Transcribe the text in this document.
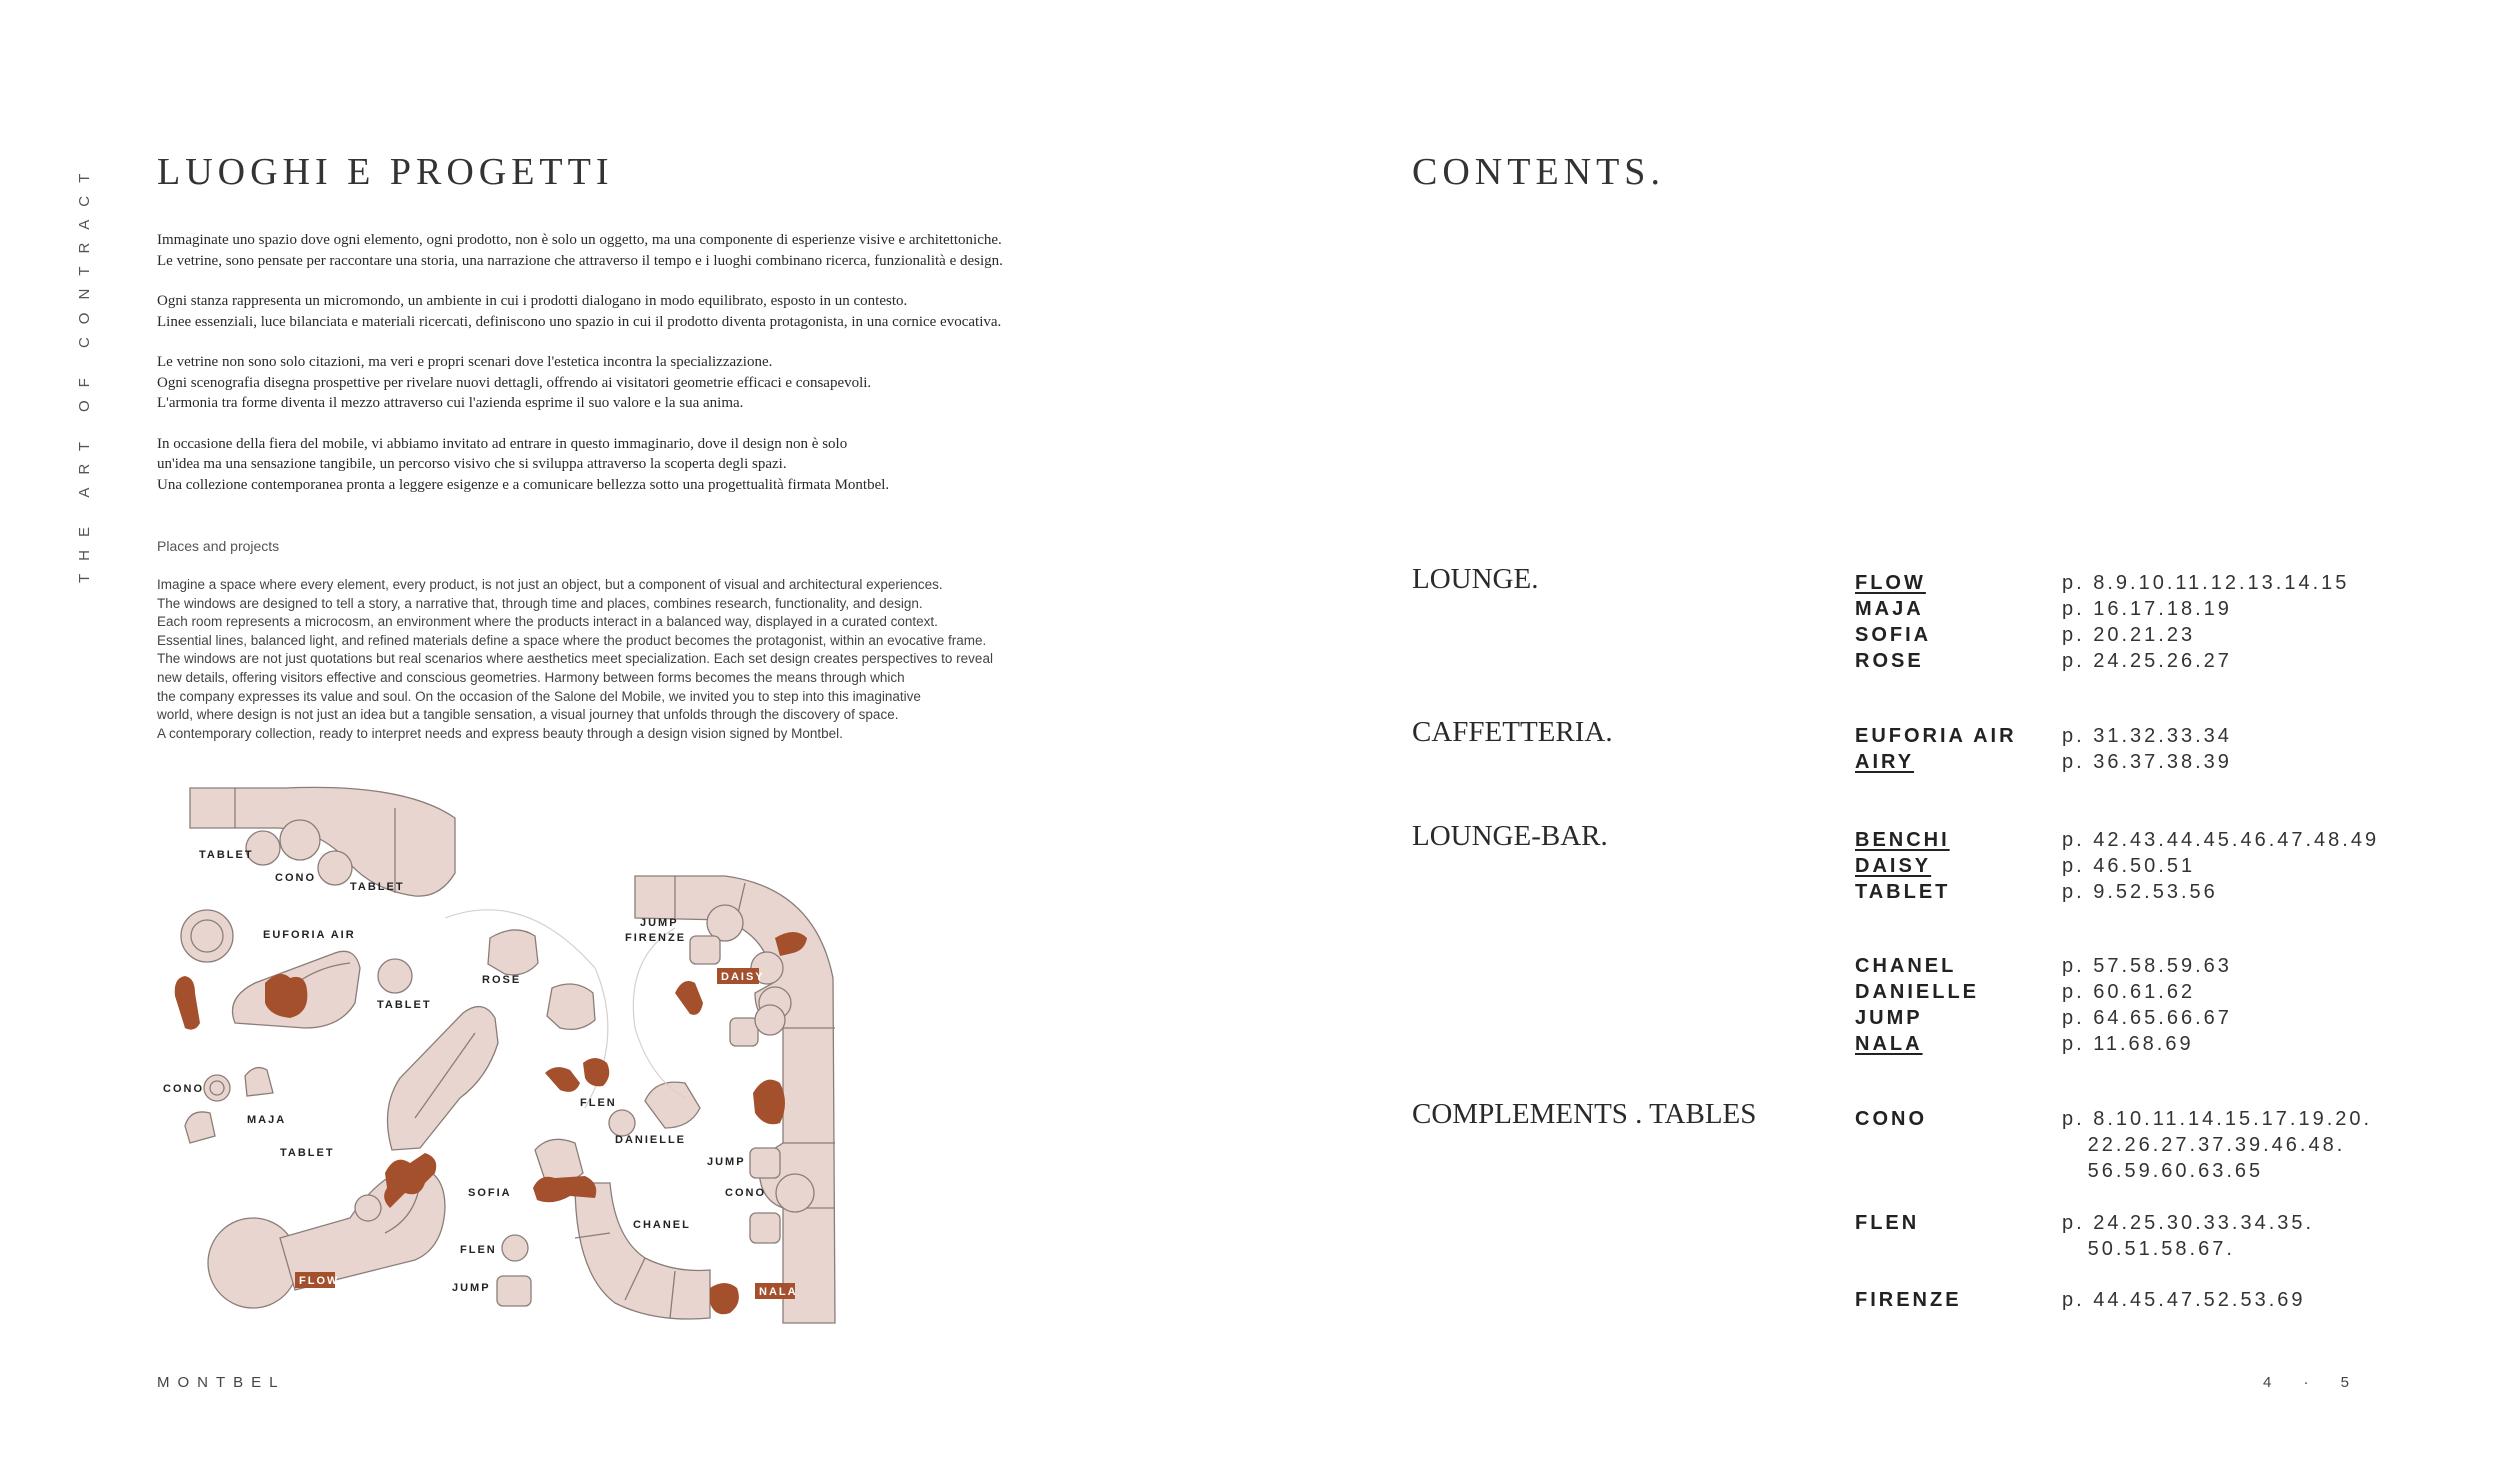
THE ART OF CONTRACT LUOGHI E PROGETTI

Immaginate uno spazio dove ogni elemento, ogni prodotto, non è solo un oggetto, ma una componente di esperienze visive e architettoniche.
Le vetrine, sono pensate per raccontare una storia, una narrazione che attraverso il tempo e i luoghi combinano ricerca, funzionalità e design.

Ogni stanza rappresenta un micromondo, un ambiente in cui i prodotti dialogano in modo equilibrato, esposto in un contesto.
Linee essenziali, luce bilanciata e materiali ricercati, definiscono uno spazio in cui il prodotto diventa protagonista, in una cornice evocativa.

Le vetrine non sono solo citazioni, ma veri e propri scenari dove l'estetica incontra la specializzazione.
Ogni scenografia disegna prospettive per rivelare nuovi dettagli, offrendo ai visitatori geometrie efficaci e consapevoli.
L'armonia tra forme diventa il mezzo attraverso cui l'azienda esprime il suo valore e la sua anima.

In occasione della fiera del mobile, vi abbiamo invitato ad entrare in questo immaginario, dove il design non è solo
un'idea ma una sensazione tangibile, un percorso visivo che si sviluppa attraverso la scoperta degli spazi.
Una collezione contemporanea pronta a leggere esigenze e a comunicare bellezza sotto una progettualità firmata Montbel.

Places and projects
Imagine a space where every element, every product, is not just an object, but a component of visual and architectural experiences.
The windows are designed to tell a story, a narrative that, through time and places, combines research, functionality, and design.
Each room represents a microcosm, an environment where the products interact in a balanced way, displayed in a curated context.
Essential lines, balanced light, and refined materials define a space where the product becomes the protagonist, within an evocative frame.
The windows are not just quotations but real scenarios where aesthetics meet specialization. Each set design creates perspectives to reveal
new details, offering visitors effective and conscious geometries. Harmony between forms becomes the means through which
the company expresses its value and soul. On the occasion of the Salone del Mobile, we invited you to step into this imaginative
world, where design is not just an idea but a tangible sensation, a visual journey that unfolds through the discovery of space.
A contemporary collection, ready to interpret needs and express beauty through a design vision signed by Montbel.
TABLET
CONO
TABLET
EUFORIA AIR
TABLET
ROSE
JUMP
FIRENZE
DAISY
CONO
MAJA
TABLET
FLEN
DANIELLE
JUMP
SOFIA	CONO
CHANEL
FLEN
JUMP
FLOW
NALA
MONTBEL
CONTENTS.
LOUNGE.	FLOW	p. 8.9.10.11.12.13.14.15
MAJA	p. 16.17.18.19
SOFIA	p. 20.21.23
ROSE	p. 24.25.26.27
CAFFETTERIA.	EUFORIA AIR p. 31.32.33.34
AIRY	p. 36.37.38.39
LOUNGE-BAR.	BENCHI	p. 42.43.44.45.46.47.48.49
DAISY	p. 46.50.51
TABLET	p. 9.52.53.56
CHANEL	p. 57.58.59.63
DANIELLE	p. 60.61.62
JUMP	p. 64.65.66.67
NALA	p. 11.68.69
COMPLEMENTS . TABLES	CONO	p. 8.10.11.14.15.17.19.20.
22.26.27.37.39.46.48.
56.59.60.63.65
FLEN	p. 24.25.30.33.34.35.
50.51.58.67.
FIRENZE	p. 44.45.47.52.53.69
4 · 5
